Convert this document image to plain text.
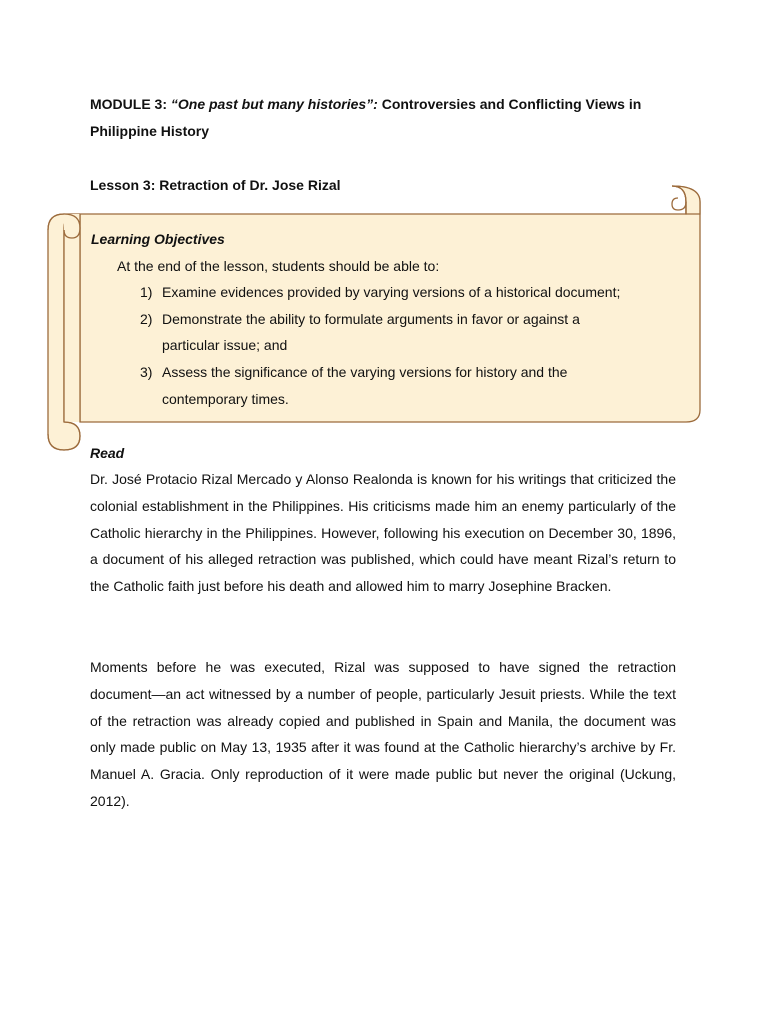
MODULE 3: “One past but many histories”: Controversies and Conflicting Views in Philippine History
Lesson 3: Retraction of Dr. Jose Rizal
Learning Objectives
At the end of the lesson, students should be able to:
1) Examine evidences provided by varying versions of a historical document;
2) Demonstrate the ability to formulate arguments in favor or against a
particular issue; and
3) Assess the significance of the varying versions for history and the
contemporary times.
Read

Dr. José Protacio Rizal Mercado y Alonso Realonda is known for his writings that criticized the colonial establishment in the Philippines. His criticisms made him an enemy particularly of the Catholic hierarchy in the Philippines. However, following his execution on December 30, 1896, a document of his alleged retraction was published, which could have meant Rizal’s return to the Catholic faith just before his death and allowed him to marry Josephine Bracken.

Moments before he was executed, Rizal was supposed to have signed the retraction document—an act witnessed by a number of people, particularly Jesuit priests. While the text of the retraction was already copied and published in Spain and Manila, the document was only made public on May 13, 1935 after it was found at the Catholic hierarchy’s archive by Fr. Manuel A. Gracia. Only reproduction of it were made public but never the original (Uckung, 2012).
